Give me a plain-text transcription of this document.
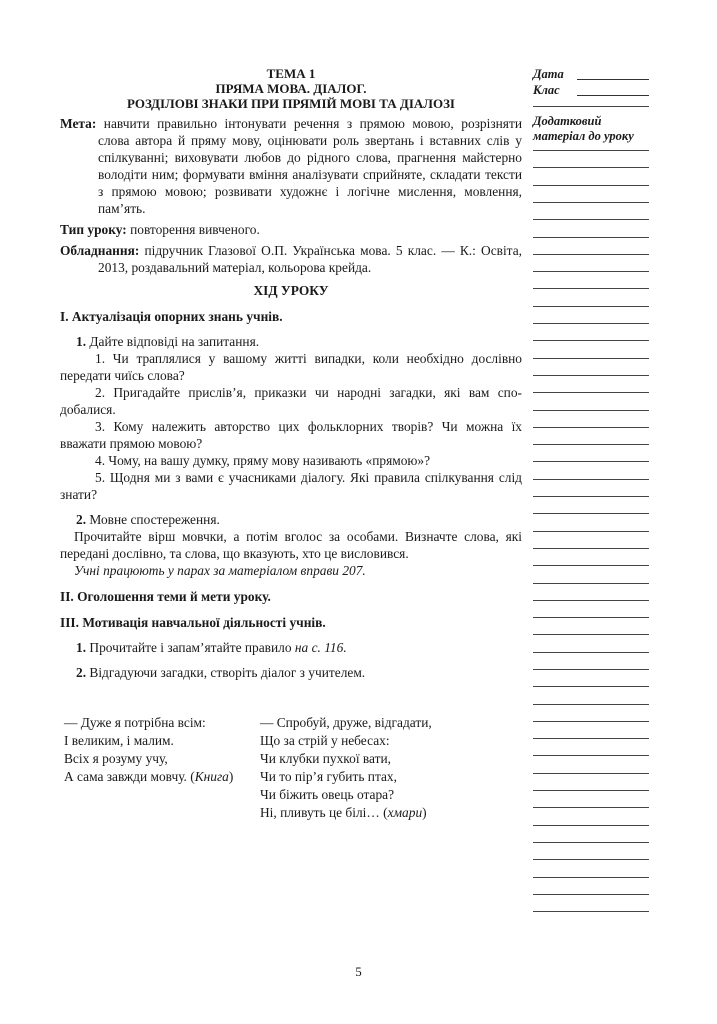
ТЕМА 1

ПРЯМА МОВА. ДІАЛОГ.

РОЗДІЛОВІ ЗНАКИ ПРИ ПРЯМІЙ МОВІ ТА ДІАЛОЗІ

Мета: навчити правильно інтонувати речення з прямою мовою, розрізняти слова автора й пряму мову, оцінювати роль звертань і вставних слів у спілкуванні; виховувати любов до рідного слова, прагнення майстерно володіти ним; формувати вміння аналізувати сприйняте, складати тексти з прямою мовою; розвивати художнє і логічне мислення, мовлення, пам’ять.

Тип уроку: повторення вивченого.

Обладнання: підручник Глазової О.П. Українська мова. 5 клас. — К.: Освіта, 2013, роздавальний матеріал, кольорова крейда.

ХІД УРОКУ

І. Актуалізація опорних знань учнів.

1. Дайте відповіді на запитання.

1. Чи траплялися у вашому житті випадки, коли необхідно дослівно передати чиїсь слова?

2. Пригадайте прислів’я, приказки чи народні загадки, які вам сподобалися.

3. Кому належить авторство цих фольклорних творів? Чи можна їх вважати прямою мовою?

4. Чому, на вашу думку, пряму мову називають «прямою»?

5. Щодня ми з вами є учасниками діалогу. Які правила спілкування слід знати?

2. Мовне спостереження.

Прочитайте вірш мовчки, а потім вголос за особами. Визначте слова, які передані дослівно, та слова, що вказують, хто це висловився.

Учні працюють у парах за матеріалом вправи 207.

ІІ. Оголошення теми й мети уроку.

ІІІ. Мотивація навчальної діяльності учнів.

1. Прочитайте і запам’ятайте правило на с. 116.

2. Відгадуючи загадки, створіть діалог з учителем.

— Дуже я потрібна всім:
І великим, і малим.
Всіх я розуму учу,
А сама завжди мовчу. (Книга)
— Спробуй, друже, відгадати,
Що за стрій у небесах:
Чи клубки пухкої вати,
Чи то пір’я губить птах,
Чи біжить овець отара?
Ні, пливуть це білі… (хмари)
Дата
Клас
Додатковий
матеріал до уроку
5
